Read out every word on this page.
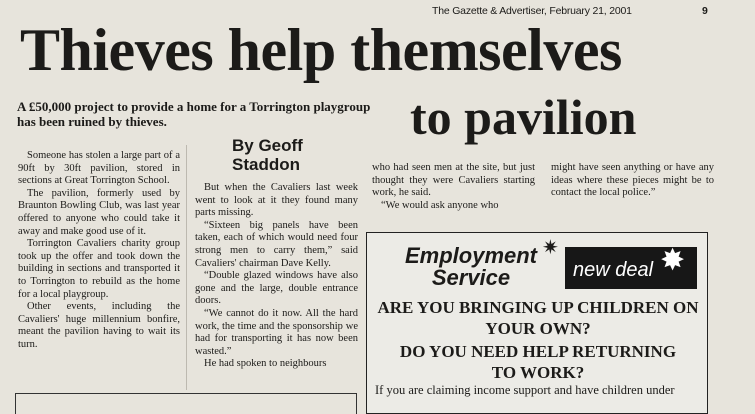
The Gazette & Advertiser, February 21, 2001	9
Thieves help themselves
to pavilion
A £50,000 project to provide a home for a Torrington playgroup has been ruined by thieves.
By Geoff
Staddon

Someone has stolen a large part of a 90ft by 30ft pavilion, stored in sections at Great Torrington School.

The pavilion, formerly used by Braunton Bowling Club, was last year offered to anyone who could take it away and make good use of it.

Torrington Cavaliers charity group took up the offer and took down the building in sections and transported it to Torrington to rebuild as the home for a local playgroup.

Other events, including the Cavaliers' huge millennium bonfire, meant the pavilion having to wait its turn.

But when the Cavaliers last week went to look at it they found many parts missing.

“Sixteen big panels have been taken, each of which would need four strong men to carry them,” said Cavaliers' chairman Dave Kelly.

“Double glazed windows have also gone and the large, double entrance doors.

“We cannot do it now. All the hard work, the time and the sponsorship we had for transporting it has now been wasted.”

He had spoken to neighbours

who had seen men at the site, but just thought they were Cavaliers starting work, he said.

“We would ask anyone who

might have seen anything or have any ideas where these pieces might be to contact the local police.”

Employment
Service
✷
new deal ✸
ARE YOU BRINGING UP CHILDREN ON
YOUR OWN?
DO YOU NEED HELP RETURNING
TO WORK?
If you are claiming income support and have children under
